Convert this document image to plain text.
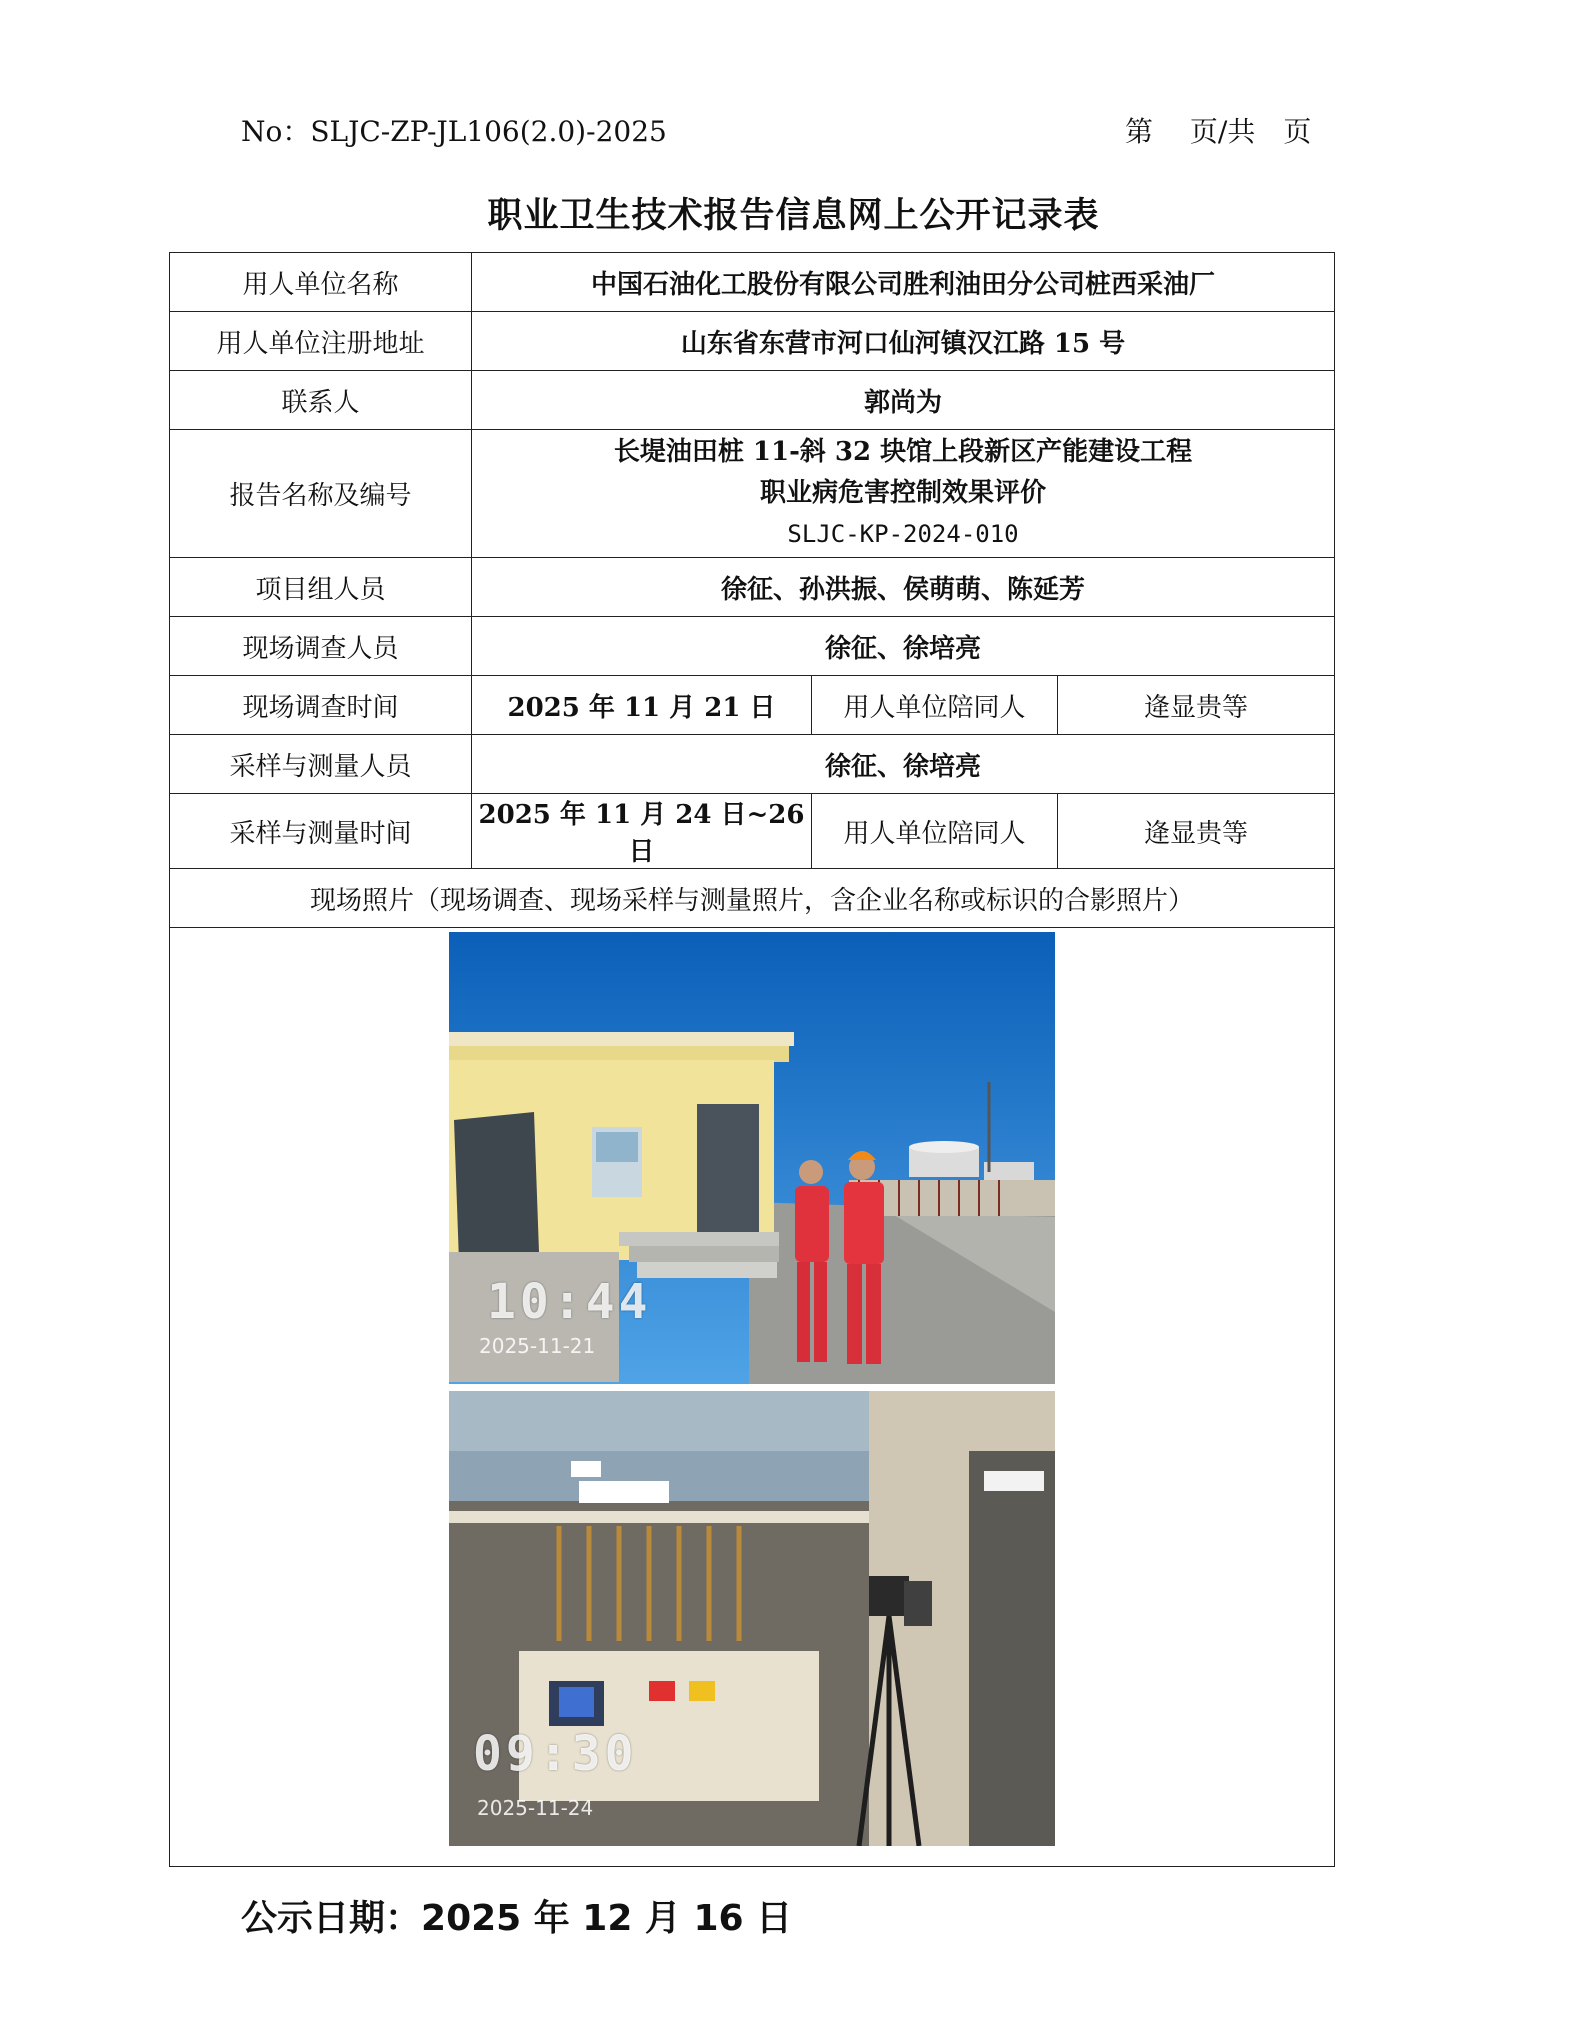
No：SLJC-ZP-JL106(2.0)-2025	第　 页/共　页
职业卫生技术报告信息网上公开记录表
用人单位名称	中国石油化工股份有限公司胜利油田分公司桩西采油厂		
用人单位注册地址	山东省东营市河口仙河镇汉江路 15 号		
联系人	郭尚为		
报告名称及编号	长堤油田桩 11-斜 32 块馆上段新区产能建设工程
职业病危害控制效果评价
SLJC-KP-2024-010		

项目组人员	徐征、孙洪振、侯萌萌、陈延芳		
现场调查人员	徐征、徐培亮		
现场调查时间	2025 年 11 月 21 日	用人单位陪同人	逄显贵等
采样与测量人员	徐征、徐培亮		
采样与测量时间	2025 年 11 月 24 日~26 日	用人单位陪同人	逄显贵等
现场照片（现场调查、现场采样与测量照片，含企业名称或标识的合影照片）			

10:44
2025-11-21
09:30
2025-11-24			
公示日期：2025 年 12 月 16 日
